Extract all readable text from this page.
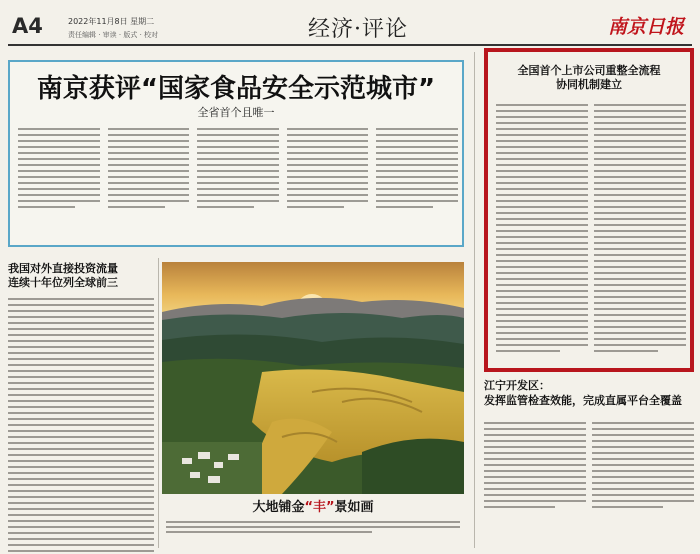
A4	2022年11月8日 星期二
责任编辑 · 审读 · 版式 · 校对	经济·评论	南京日报
南京获评“国家食品安全示范城市”
全省首个且唯一
全国首个上市公司重整全流程
协同机制建立
我国对外直接投资流量
连续十年位列全球前三
大地铺金“丰”景如画
江宁开发区：
发挥监管检查效能，完成直属平台全覆盖
